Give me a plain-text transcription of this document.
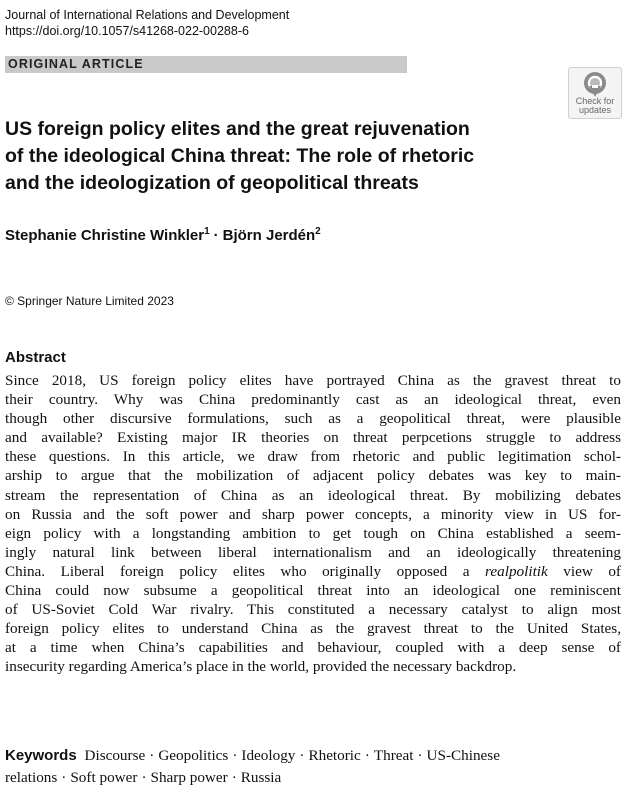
Journal of International Relations and Development
https://doi.org/10.1057/s41268-022-00288-6
ORIGINAL ARTICLE
Check for
updates
US foreign policy elites and the great rejuvenation
of the ideological China threat: The role of rhetoric
and the ideologization of geopolitical threats
Stephanie Christine Winkler$^1$ · Björn Jerdén$^2$
© Springer Nature Limited 2023
Abstract
Since 2018, US foreign policy elites have portrayed China as the gravest threat to
their country. Why was China predominantly cast as an ideological threat, even
though other discursive formulations, such as a geopolitical threat, were plausible
and available? Existing major IR theories on threat perpcetions struggle to address
these questions. In this article, we draw from rhetoric and public legitimation schol-
arship to argue that the mobilization of adjacent policy debates was key to main-
stream the representation of China as an ideological threat. By mobilizing debates
on Russia and the soft power and sharp power concepts, a minority view in US for-
eign policy with a longstanding ambition to get tough on China established a seem-
ingly natural link between liberal internationalism and an ideologically threatening
China. Liberal foreign policy elites who originally opposed a realpolitik view of
China could now subsume a geopolitical threat into an ideological one reminiscent
of US-Soviet Cold War rivalry. This constituted a necessary catalyst to align most
foreign policy elites to understand China as the gravest threat to the United States,
at a time when China’s capabilities and behaviour, coupled with a deep sense of
insecurity regarding America’s place in the world, provided the necessary backdrop.
Keywords Discourse · Geopolitics · Ideology · Rhetoric · Threat · US-Chinese
relations · Soft power · Sharp power · Russia
